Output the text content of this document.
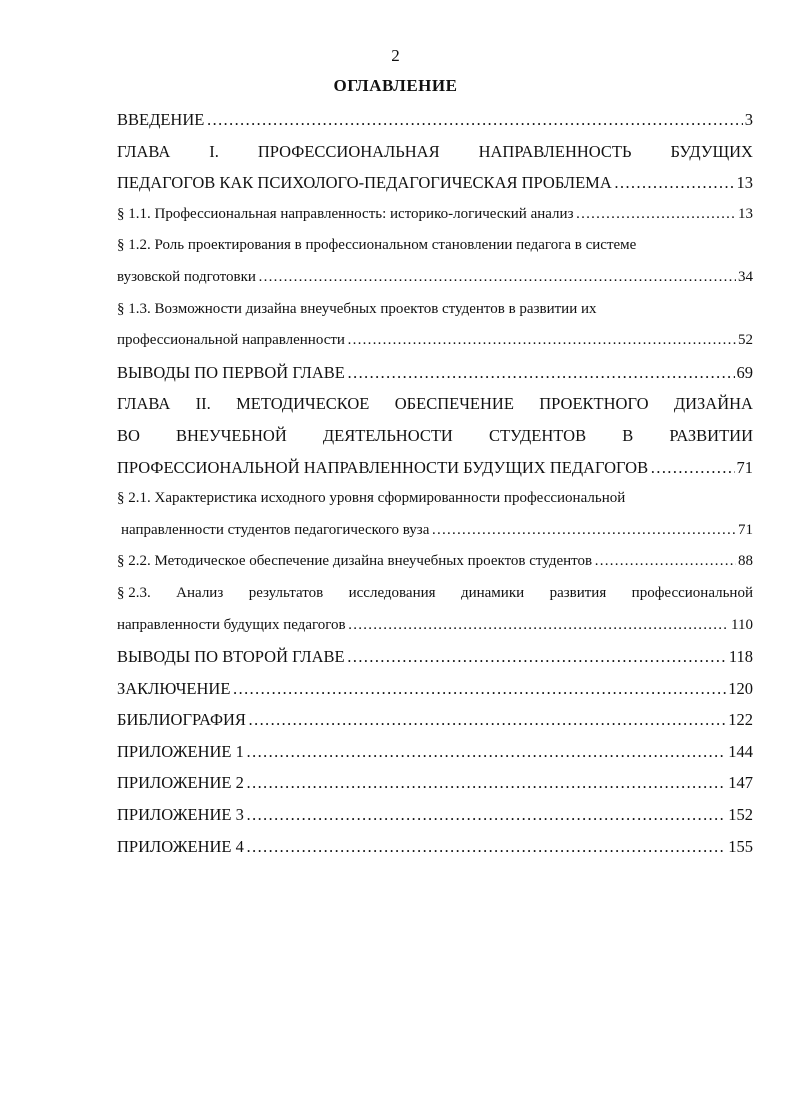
2
ОГЛАВЛЕНИЕ
ВВЕДЕНИЕ ……………………………………………………………………………………………………………………………………………………	3
ГЛАВА I. ПРОФЕССИОНАЛЬНАЯ НАПРАВЛЕННОСТЬ БУДУЩИХ
ПЕДАГОГОВ КАК ПСИХОЛОГО-ПЕДАГОГИЧЕСКАЯ ПРОБЛЕМА ……………………………………………………………………………………………………………………………………………………	13
§ 1.1. Профессиональная направленность: историко-логический анализ ……………………………………………………………………………………………………………………………………………………	13
§ 1.2. Роль проектирования в профессиональном становлении педагога в системе
вузовской подготовки ……………………………………………………………………………………………………………………………………………………	34
§ 1.3. Возможности дизайна внеучебных проектов студентов в развитии их
профессиональной направленности ……………………………………………………………………………………………………………………………………………………	52
ВЫВОДЫ ПО ПЕРВОЙ ГЛАВЕ ……………………………………………………………………………………………………………………………………………………	69
ГЛАВА II. МЕТОДИЧЕСКОЕ ОБЕСПЕЧЕНИЕ ПРОЕКТНОГО ДИЗАЙНА
ВО ВНЕУЧЕБНОЙ ДЕЯТЕЛЬНОСТИ СТУДЕНТОВ В РАЗВИТИИ
ПРОФЕССИОНАЛЬНОЙ НАПРАВЛЕННОСТИ БУДУЩИХ ПЕДАГОГОВ ……………………………………………………………………………………………………………………………………………………	71
§ 2.1. Характеристика исходного уровня сформированности профессиональной
направленности студентов педагогического вуза ……………………………………………………………………………………………………………………………………………………	71
§ 2.2. Методическое обеспечение дизайна внеучебных проектов студентов ……………………………………………………………………………………………………………………………………………………	88
§ 2.3. Анализ результатов исследования динамики развития профессиональной
направленности будущих педагогов ……………………………………………………………………………………………………………………………………………………	110
ВЫВОДЫ ПО ВТОРОЙ ГЛАВЕ ……………………………………………………………………………………………………………………………………………………	118
ЗАКЛЮЧЕНИЕ ……………………………………………………………………………………………………………………………………………………	120
БИБЛИОГРАФИЯ ……………………………………………………………………………………………………………………………………………………	122
ПРИЛОЖЕНИЕ 1 ……………………………………………………………………………………………………………………………………………………	144
ПРИЛОЖЕНИЕ 2 ……………………………………………………………………………………………………………………………………………………	147
ПРИЛОЖЕНИЕ 3 ……………………………………………………………………………………………………………………………………………………	152
ПРИЛОЖЕНИЕ 4 ……………………………………………………………………………………………………………………………………………………	155
